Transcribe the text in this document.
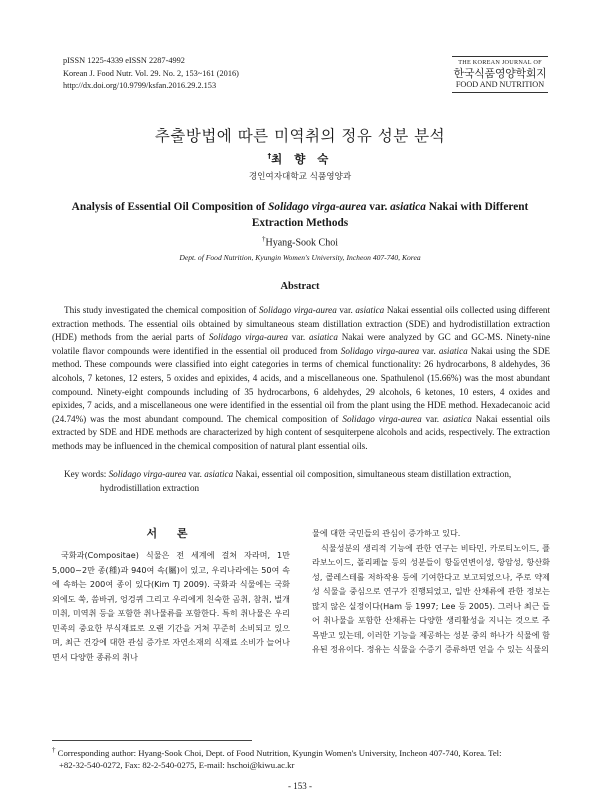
pISSN 1225-4339 eISSN 2287-4992
Korean J. Food Nutr. Vol. 29. No. 2, 153~161 (2016)
http://dx.doi.org/10.9799/ksfan.2016.29.2.153
THE KOREAN JOURNAL OF
한국식품영양학회지
FOOD AND NUTRITION
추출방법에 따른 미역취의 정유 성분 분석
†최 향 숙
경인여자대학교 식품영양과
Analysis of Essential Oil Composition of Solidago virga-aurea var. asiatica Nakai with Different Extraction Methods
†Hyang-Sook Choi
Dept. of Food Nutrition, Kyungin Women's University, Incheon 407-740, Korea
Abstract

This study investigated the chemical composition of Solidago virga-aurea var. asiatica Nakai essential oils collected using different extraction methods. The essential oils obtained by simultaneous steam distillation extraction (SDE) and hydrodistillation extraction (HDE) methods from the aerial parts of Solidago virga-aurea var. asiatica Nakai were analyzed by GC and GC-MS. Ninety-nine volatile flavor compounds were identified in the essential oil produced from Solidago virga-aurea var. asiatica Nakai using the SDE method. These compounds were classified into eight categories in terms of chemical functionality: 26 hydrocarbons, 8 aldehydes, 36 alcohols, 7 ketones, 12 esters, 5 oxides and epixides, 4 acids, and a miscellaneous one. Spathulenol (15.66%) was the most abundant compound. Ninety-eight compounds including of 35 hydrocarbons, 6 aldehydes, 29 alcohols, 6 ketones, 10 esters, 4 oxides and epixides, 7 acids, and a miscellaneous one were identified in the essential oil from the plant using the HDE method. Hexadecanoic acid (24.74%) was the most abundant compound. The chemical composition of Solidago virga-aurea var. asiatica Nakai essential oils extracted by SDE and HDE methods are characterized by high content of sesquiterpene alcohols and acids, respectively. The extraction methods may be influenced in the chemical composition of natural plant essential oils.

Key words: Solidago virga-aurea var. asiatica Nakai, essential oil composition, simultaneous steam distillation extraction,
hydrodistillation extraction
서 론

국화과(Compositae) 식물은 전 세계에 걸쳐 자라며, 1만 5,000~2만 종(種)과 940여 속(屬)이 있고, 우리나라에는 50여 속에 속하는 200여 종이 있다(Kim TJ 2009). 국화과 식물에는 국화 외에도 쑥, 씀바귀, 엉겅퀴 그리고 우리에게 친숙한 곰취, 참취, 벌개미취, 미역취 등을 포함한 취나물류를 포함한다. 특히 취나물은 우리 민족의 중요한 부식재료로 오랜 기간을 거쳐 꾸준히 소비되고 있으며, 최근 건강에 대한 관심 증가로 자연소재의 식재료 소비가 늘어나면서 다양한 종류의 취나

물에 대한 국민들의 관심이 증가하고 있다.

식물성분의 생리적 기능에 관한 연구는 비타민, 카로티노이드, 플라보노이드, 폴리페놀 등의 성분들이 항돌연변이성, 항암성, 항산화성, 콜레스테롤 저하작용 등에 기여한다고 보고되었으나, 주로 약제성 식물을 중심으로 연구가 진행되었고, 일반 산채류에 관한 정보는 많지 않은 실정이다(Ham 등 1997; Lee 등 2005). 그러나 최근 들어 취나물을 포함한 산채류는 다양한 생리활성을 지니는 것으로 주목받고 있는데, 이러한 기능을 제공하는 성분 중의 하나가 식물에 함유된 정유이다. 정유는 식물을 수증기 증류하면 얻을 수 있는 식물의

† Corresponding author: Hyang-Sook Choi, Dept. of Food Nutrition, Kyungin Women's University, Incheon 407-740, Korea. Tel:
+82-32-540-0272, Fax: 82-2-540-0275, E-mail: hschoi@kiwu.ac.kr
- 153 -
